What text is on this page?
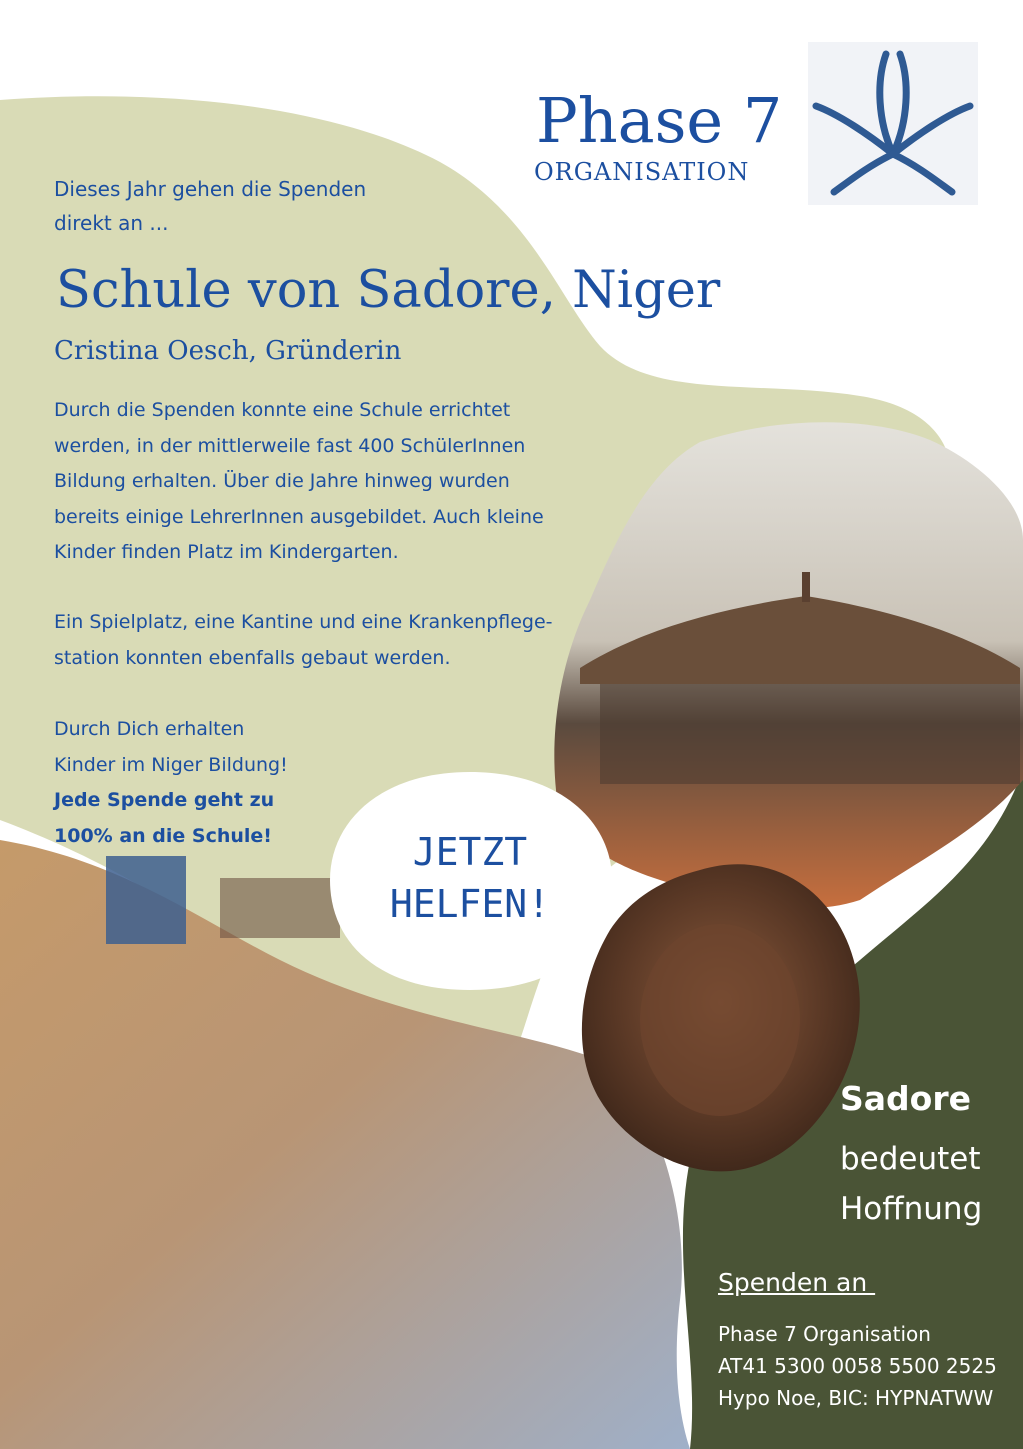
Phase 7
ORGANISATION
Dieses Jahr gehen die Spenden
direkt an ...
Schule von Sadore, Niger
Cristina Oesch, Gründerin

Durch die Spenden konnte eine Schule errichtet

werden, in der mittlerweile fast 400 SchülerInnen

Bildung erhalten. Über die Jahre hinweg wurden

bereits einige LehrerInnen ausgebildet. Auch kleine

Kinder finden Platz im Kindergarten.

Ein Spielplatz, eine Kantine und eine Krankenpflege-

station konnten ebenfalls gebaut werden.

Durch Dich erhalten

Kinder im Niger Bildung!

Jede Spende geht zu

100% an die Schule!	JETZT
HELFEN!
Sadore
bedeutet
Hoffnung
Spenden an
Phase 7 Organisation
AT41 5300 0058 5500 2525
Hypo Noe, BIC: HYPNATWW
